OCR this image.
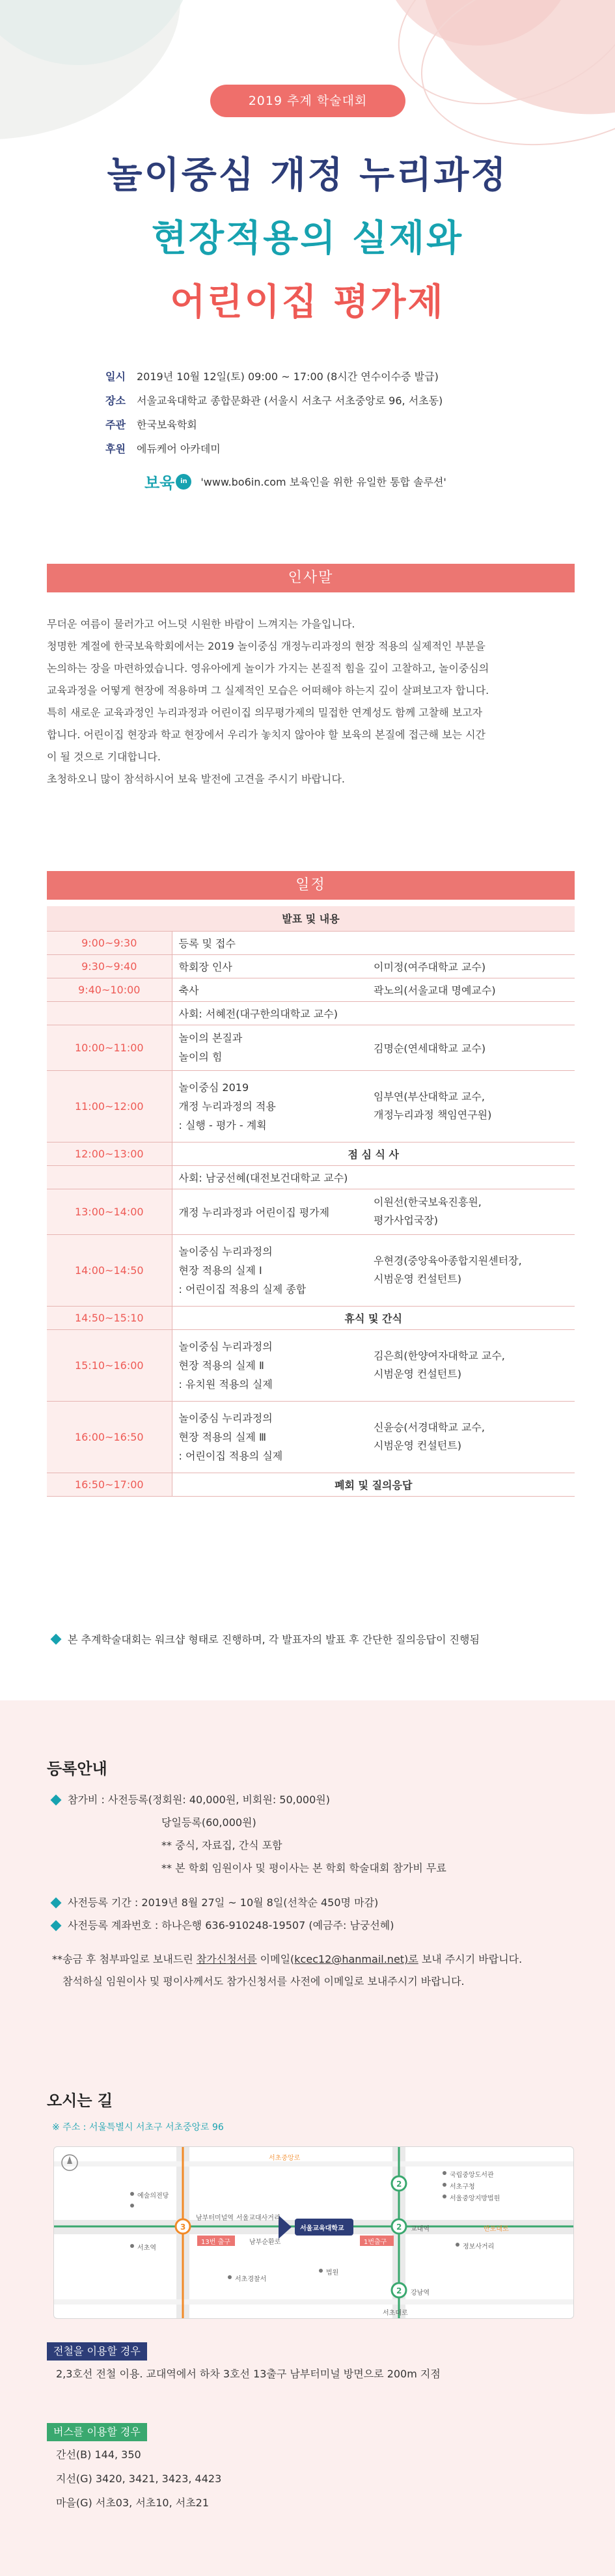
2019 추계 학술대회
놀이중심 개정 누리과정
현장적용의 실제와
어린이집 평가제
일시	2019년 10월 12일(토) 09:00 ~ 17:00 (8시간 연수이수증 발급)
장소	서울교육대학교 종합문화관 (서울시 서초구 서초중앙로 96, 서초동)
주관	한국보육학회
후원	에듀케어 아카데미
보육 in	'www.bo6in.com 보육인을 위한 유일한 통합 솔루션'
인사말

무더운 여름이 물러가고 어느덧 시원한 바람이 느껴지는 가을입니다.

청명한 계절에 한국보육학회에서는 2019 놀이중심 개정누리과정의 현장 적용의 실제적인 부분을

논의하는 장을 마련하였습니다. 영유아에게 놀이가 가지는 본질적 힘을 깊이 고찰하고, 놀이중심의

교육과정을 어떻게 현장에 적용하며 그 실제적인 모습은 어떠해야 하는지 깊이 살펴보고자 합니다.

특히 새로운 교육과정인 누리과정과 어린이집 의무평가제의 밀접한 연계성도 함께 고찰해 보고자

합니다. 어린이집 현장과 학교 현장에서 우리가 놓치지 않아야 할 보육의 본질에 접근해 보는 시간

이 될 것으로 기대합니다.

초청하오니 많이 참석하시어 보육 발전에 고견을 주시기 바랍니다.

일정
발표 및 내용		
9:00~9:30	등록 및 접수	
9:30~9:40	학회장 인사	이미정(여주대학교 교수)
9:40~10:00	축사	곽노의(서울교대 명예교수)
	사회: 서혜전(대구한의대학교 교수)	
10:00~11:00	놀이의 본질과
놀이의 힘	김명순(연세대학교 교수)
11:00~12:00	놀이중심 2019
개정 누리과정의 적용
: 실행 - 평가 - 계획	임부연(부산대학교 교수,
개정누리과정 책임연구원)
12:00~13:00	점 심 식 사	
	사회: 남궁선혜(대전보건대학교 교수)	
13:00~14:00	개정 누리과정과 어린이집 평가제	이원선(한국보육진흥원,
평가사업국장)
14:00~14:50	놀이중심 누리과정의
현장 적용의 실제 Ⅰ
: 어린이집 적용의 실제 종합	우현경(중앙육아종합지원센터장,
시범운영 컨설턴트)
14:50~15:10	휴식 및 간식	
15:10~16:00	놀이중심 누리과정의
현장 적용의 실제 Ⅱ
: 유치원 적용의 실제	김은희(한양여자대학교 교수,
시범운영 컨설턴트)
16:00~16:50	놀이중심 누리과정의
현장 적용의 실제 Ⅲ
: 어린이집 적용의 실제	신윤승(서경대학교 교수,
시범운영 컨설턴트)
16:50~17:00	폐회 및 질의응답	
본 추계학술대회는 워크샵 형태로 진행하며, 각 발표자의 발표 후 간단한 질의응답이 진행됨
등록안내
참가비 : 사전등록(정회원: 40,000원, 비회원: 50,000원)
당일등록(60,000원)
** 중식, 자료집, 간식 포함
** 본 학회 임원이사 및 평이사는 본 학회 학술대회 참가비 무료
사전등록 기간 : 2019년 8월 27일 ~ 10월 8일(선착순 450명 마감)
사전등록 계좌번호 : 하나은행 636-910248-19507 (예금주: 남궁선혜)
**송금 후 첨부파일로 보내드린 참가신청서를 이메일(kcec12@hanmail.net)로 보내 주시기 바랍니다.
참석하실 임원이사 및 평이사께서도 참가신청서를 사전에 이메일로 보내주시기 바랍니다.
오시는 길
※ 주소 : 서울특별시 서초구 서초중앙로 96
3
2
2
2
13번 출구	1번출구
서울교육대학교
서초중앙로
남부순환로
교대역
남부터미널역
강남역
서초대로
반포대로
국립중앙도서관
서초구청
서울중앙지방법원
예술의전당
서울교대사거리
서초경찰서
법원
서초역	정보사거리
전철을 이용할 경우
2,3호선 전철 이용. 교대역에서 하차 3호선 13출구 남부터미널 방면으로 200m 지점
버스를 이용할 경우
간선(B) 144, 350
지선(G) 3420, 3421, 3423, 4423
마을(G) 서초03, 서초10, 서초21
